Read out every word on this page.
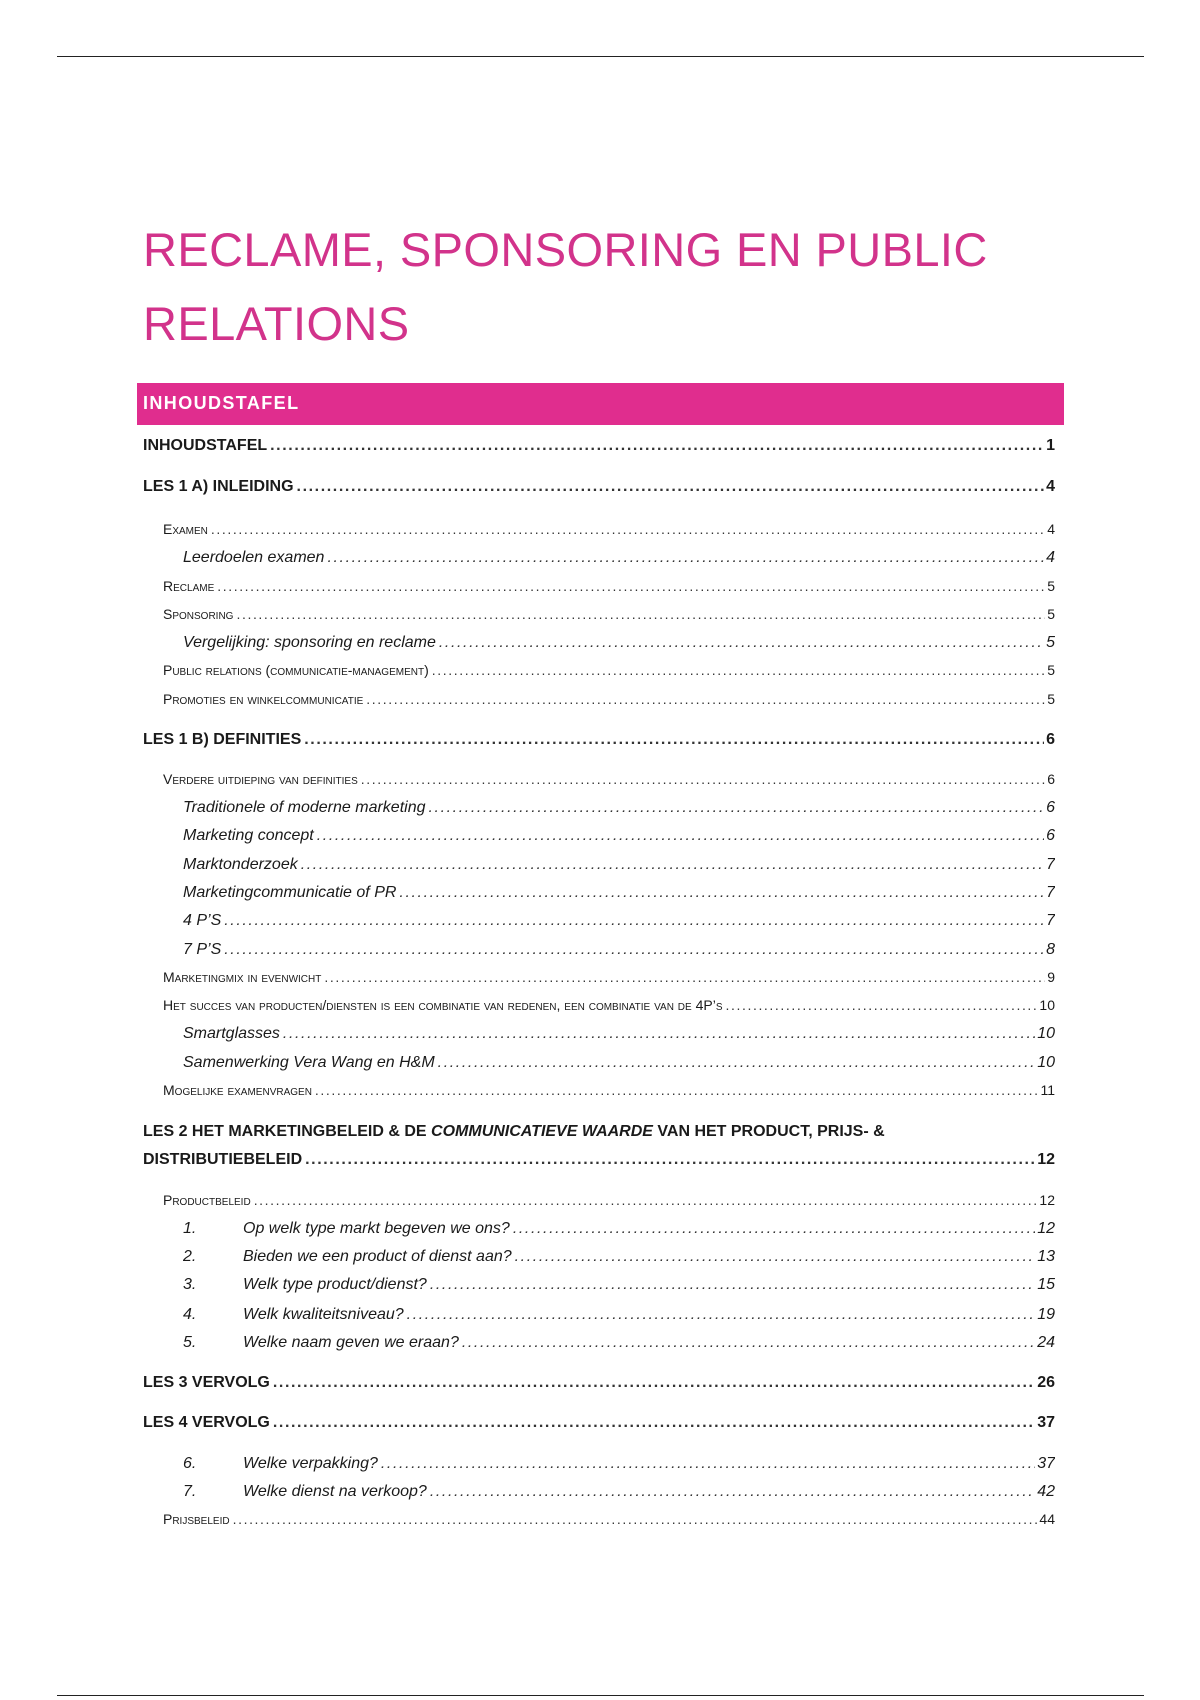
RECLAME, SPONSORING EN PUBLIC
RELATIONS
INHOUDSTAFEL
INHOUDSTAFEL .....	1
LES 1 A) INLEIDING .....	4
Examen .....	4
Leerdoelen examen .....	4
Reclame .....	5
Sponsoring .....	5
Vergelijking: sponsoring en reclame .....	5
Public relations (communicatie-management) .....	5
Promoties en winkelcommunicatie .....	5
LES 1 B) DEFINITIES .....	6
Verdere uitdieping van definities .....	6
Traditionele of moderne marketing .....	6
Marketing concept .....	6
Marktonderzoek .....	7
Marketingcommunicatie of PR .....	7
4 P’S .....	7
7 P’S .....	8
Marketingmix in evenwicht .....	9
Het succes van producten/diensten is een combinatie van redenen, een combinatie van de 4P’s .....	10
Smartglasses .....	10
Samenwerking Vera Wang en H&M .....	10
Mogelijke examenvragen .....	11
LES 2 HET MARKETINGBELEID & DE COMMUNICATIEVE WAARDE VAN HET PRODUCT, PRIJS- &
DISTRIBUTIEBELEID .....	12
Productbeleid .....	12
1.	Op welk type markt begeven we ons? .....	12
2.	Bieden we een product of dienst aan? .....	13
3.	Welk type product/dienst? .....	15
4.	Welk kwaliteitsniveau? .....	19
5.	Welke naam geven we eraan? .....	24
LES 3 VERVOLG .....	26
LES 4 VERVOLG .....	37
6.	Welke verpakking? .....	37
7.	Welke dienst na verkoop? .....	42
Prijsbeleid .....	44
